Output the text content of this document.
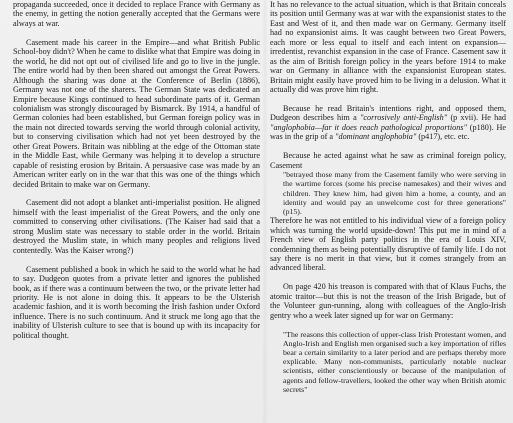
propaganda succeeded, once it decided to replace France with Germany as the enemy, in getting the notion generally accepted that the Germans were always at war.

Casement made his career in the Empire—and what British Public School-boy didn't? When he came to dislike what that Empire was doing in the world, he did not opt out of civilised life and go to live in the jungle. The entire world had by then been shared out amongst the Great Powers. Although the sharing was done at the Conference of Berlin (1886), Germany was not one of the sharers. The German State was dedicated an Empire because Kings continued to head subordinate parts of it. German colonialism was strongly discouraged by Bismarck. By 1914, a handful of German colonies had been established, but German foreign policy was in the main not directed towards serving the world through colonial activity, but to conserving civilisation which had not yet been destroyed by the other Great Powers. Britain was nibbling at the edge of the Ottoman state in the Middle East, while Germany was helping it to develop a structure capable of resisting erosion by Britain. A persuasive case was made by an American writer early on in the war that this was one of the things which decided Britain to make war on Germany.

Casement did not adopt a blanket anti-imperialist position. He aligned himself with the least imperialist of the Great Powers, and the only one committed to conserving other civilisations. (The Kaiser had said that a strong Muslim state was necessary to stable order in the world. Britain destroyed the Muslim state, in which many peoples and religions lived contentedly. Was the Kaiser wrong?)

Casement published a book in which he said to the world what he had to say. Dudgeon quotes from a private letter and ignores the published book, as if there was a continuum between the two, or the private letter had priority. He is not alone in doing this. It appears to be the Ulsterish academic fashion, and it is worth becoming the Irish fashion under Oxford influence. There is no such continuum. And it struck me long ago that the inability of Ulsterish culture to see that is bound up with its incapacity for political thought.

It has no relevance to the actual situation, which is that Britain conceals its position until Germany was at war with the expansionist states to the East and West of it, and then made war on Germany. Germany itself had no expansionist aims. It was caught between two Great Powers, each more or less equal to itself and each intent on expansion—irredentist, revanchist expansion in the case of France. Casement saw it as the aim of British foreign policy in the years before 1914 to make war on Germany in alliance with the expansionist European states. Britain might easily have proved him to be living in a delusion. What it actually did was prove him right.

Because he read Britain's intentions right, and opposed them, Dudgeon describes him a "corrosively anti-English" (p xvii). He had "anglophobia—far it does reach pathological proportions" (p180). He was in the grip of a "dominant anglophobia" (p417), etc. etc.

Because he acted against what he saw as criminal foreign policy, Casement

"betrayed those many from the Casement family who were serving in the wartime forces (some his precise namesakes) and their wives and children. They knew him, had given him a home, a county, and an identity and would pay an unwelcome cost for three generations" (p15).

Therefore he was not entitled to his individual view of a foreign policy which was turning the world upside-down! This put me in mind of a French view of English party politics in the era of Louis XIV, condemning them as being potentially disruptive of family life. I do not say there is no merit in that view, but it comes strangely from an advanced liberal.

On page 420 his treason is compared with that of Klaus Fuchs, the atomic traitor—but this is not the treason of the Irish Brigade, but of the Volunteer gun-running, along with colleagues of the Anglo-Irish gentry who a week later signed up for war on Germany:

"The reasons this collection of upper-class Irish Protestant women, and Anglo-Irish and English men organised such a key importation of rifles bear a certain similarity to a later period and are perhaps thereby more explicable. Many non-communists, particularly notable nuclear scientists, either conscientiously or because of the manipulation of agents and fellow-travellers, looked the other way when British atomic secrets"
